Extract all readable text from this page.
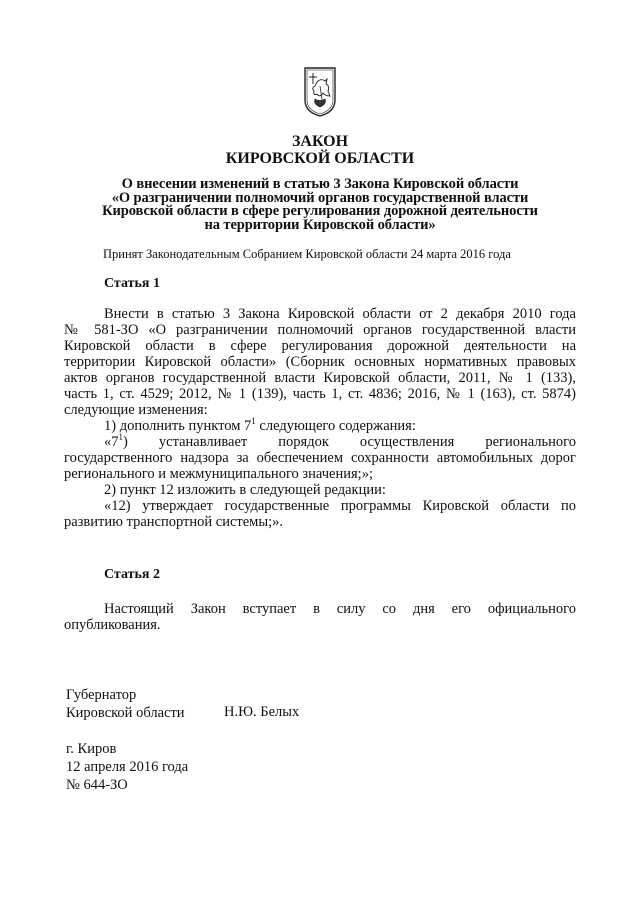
ЗАКОН
КИРОВСКОЙ ОБЛАСТИ
О внесении изменений в статью 3 Закона Кировской области
«О разграничении полномочий органов государственной власти
Кировской области в сфере регулирования дорожной деятельности
на территории Кировской области»
Принят Законодательным Собранием Кировской области 24 марта 2016 года
Статья 1

Внести в статью 3 Закона Кировской области от 2 декабря 2010 года

№ 581-ЗО «О разграничении полномочий органов государственной власти

Кировской области в сфере регулирования дорожной деятельности на

территории Кировской области» (Сборник основных нормативных правовых

актов органов государственной власти Кировской области, 2011, № 1 (133),

часть 1, ст. 4529; 2012, № 1 (139), часть 1, ст. 4836; 2016, № 1 (163), ст. 5874)

следующие изменения:

1) дополнить пунктом $7^1$ следующего содержания:

«$7^1$)    устанавливает    порядок    осуществления    регионального

государственного надзора за обеспечением сохранности автомобильных дорог

регионального и межмуниципального значения;»;

2) пункт 12 изложить в следующей редакции:

«12) утверждает государственные программы Кировской области по

развитию транспортной системы;».

Статья 2

Настоящий Закон вступает в силу со дня его официального

опубликования.

Губернатор
Кировской области	Н.Ю. Белых
г. Киров
12 апреля 2016 года
№ 644-ЗО
